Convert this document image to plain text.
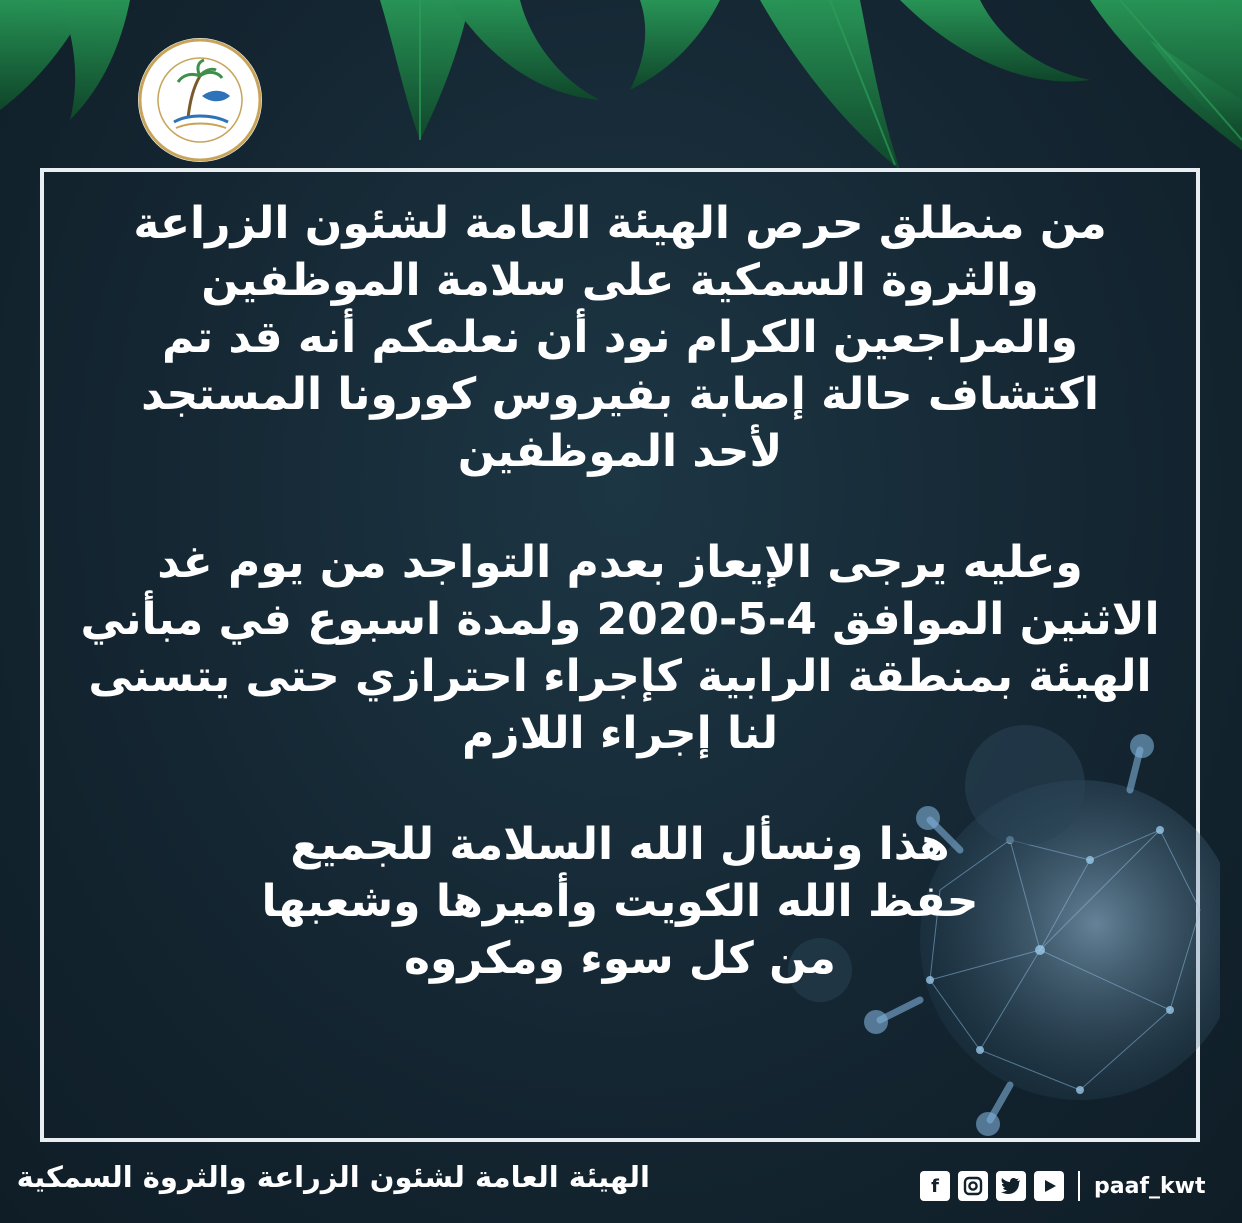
من منطلق حرص الهيئة العامة لشئون الزراعة
والثروة السمكية على سلامة الموظفين
والمراجعين الكرام نود أن نعلمكم أنه قد تم
اكتشاف حالة إصابة بفيروس كورونا المستجد
لأحد الموظفين
وعليه يرجى الإيعاز بعدم التواجد من يوم غد
الاثنين الموافق 4-5-2020 ولمدة اسبوع في مبأني
الهيئة بمنطقة الرابية كإجراء احترازي حتى يتسنى
لنا إجراء اللازم
هذا ونسأل الله السلامة للجميع
حفظ الله الكويت وأميرها وشعبها
من كل سوء ومكروه
الهيئة العامة لشئون الزراعة والثروة السمكية	f	paaf_kwt
